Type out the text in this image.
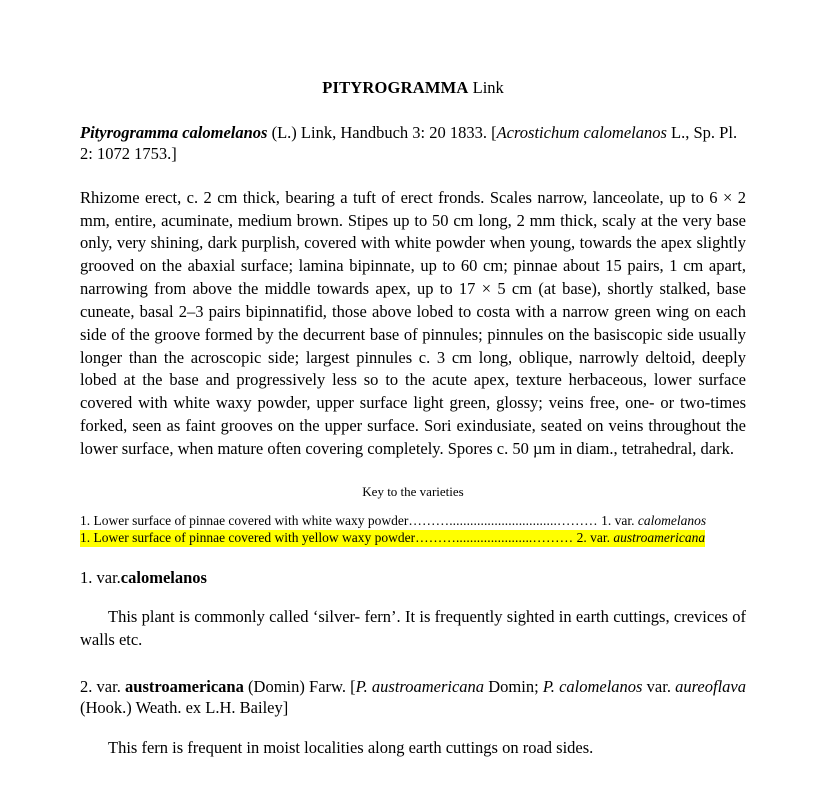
PITYROGRAMMA Link

Pityrogramma calomelanos (L.) Link, Handbuch 3: 20 1833. [Acrostichum calomelanos L., Sp. Pl. 2: 1072 1753.]

Rhizome erect, c. 2 cm thick, bearing a tuft of erect fronds. Scales narrow, lanceolate, up to 6 × 2 mm, entire, acuminate, medium brown. Stipes up to 50 cm long, 2 mm thick, scaly at the very base only, very shining, dark purplish, covered with white powder when young, towards the apex slightly grooved on the abaxial surface; lamina bipinnate, up to 60 cm; pinnae about 15 pairs, 1 cm apart, narrowing from above the middle towards apex, up to 17 × 5 cm (at base), shortly stalked, base cuneate, basal 2–3 pairs bipinnatifid, those above lobed to costa with a narrow green wing on each side of the groove formed by the decurrent base of pinnules; pinnules on the basiscopic side usually longer than the acroscopic side; largest pinnules c. 3 cm long, oblique, narrowly deltoid, deeply lobed at the base and progressively less so to the acute apex, texture herbaceous, lower surface covered with white waxy powder, upper surface light green, glossy; veins free, one- or two-times forked, seen as faint grooves on the upper surface. Sori exindusiate, seated on veins throughout the lower surface, when mature often covering completely. Spores c. 50 µm in diam., tetrahedral, dark.

Key to the varieties

1. Lower surface of pinnae covered with white waxy powder………...............................……… 1. var. calomelanos
1. Lower surface of pinnae covered with yellow waxy powder………......................……… 2. var. austroamericana

1. var.calomelanos

This plant is commonly called ‘silver- fern’. It is frequently sighted in earth cuttings, crevices of walls etc.

2. var. austroamericana (Domin) Farw. [P. austroamericana Domin; P. calomelanos var. aureoflava (Hook.) Weath. ex L.H. Bailey]

This fern is frequent in moist localities along earth cuttings on road sides.
